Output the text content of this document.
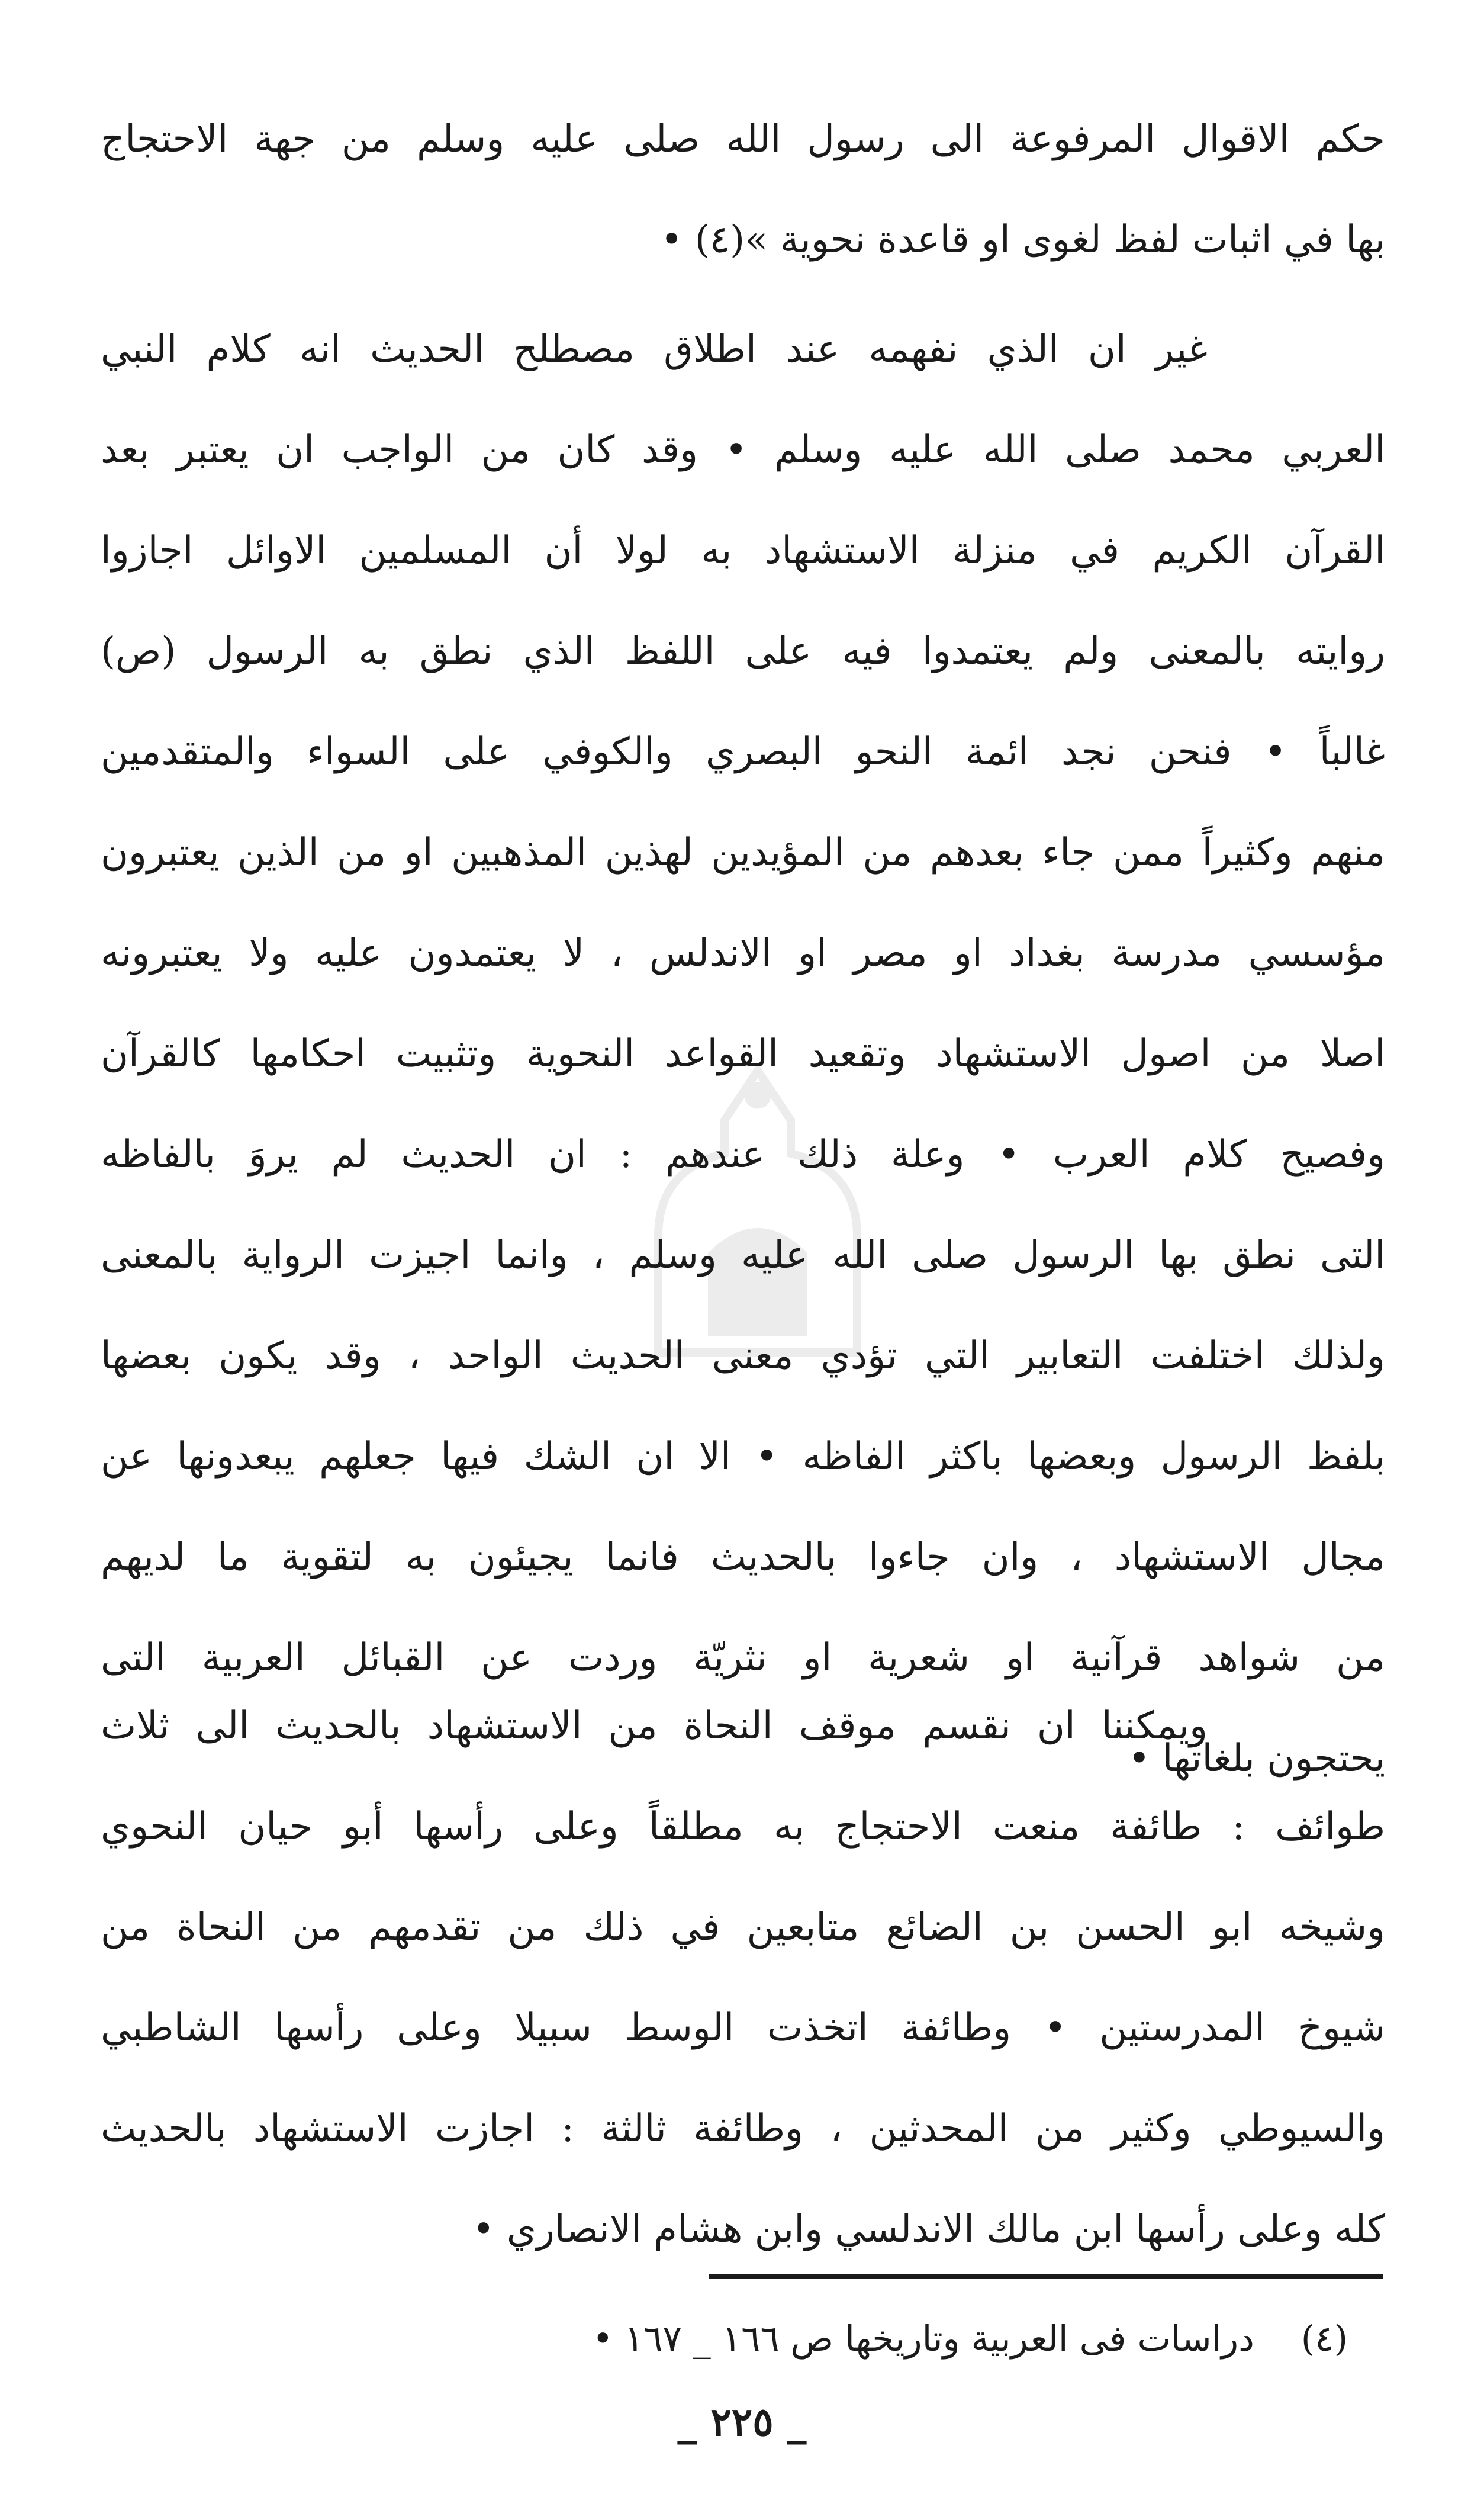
حكم الاقوال المرفوعة الى رسول الله صلى عليه وسلم من جهة الاحتجاج
بها في اثبات لفظ لغوى او قاعدة نحوية »(٤) •
غير ان الذي نفهمه عند اطلاق مصطلح الحديث انه كلام النبي
العربي محمد صلى الله عليه وسلم • وقد كان من الواجب ان يعتبر بعد
القرآن الكريم في منزلة الاستشهاد به لولا أن المسلمين الاوائل اجازوا
روايته بالمعنى ولم يعتمدوا فيه على اللفظ الذي نطق به الرسول (ص)
غالباً • فنحن نجد ائمة النحو البصري والكوفي على السواء والمتقدمين
منهم وكثيراً ممن جاء بعدهم من المؤيدين لهذين المذهبين او من الذين يعتبرون
مؤسسي مدرسة بغداد او مصر او الاندلس ، لا يعتمدون عليه ولا يعتبرونه
اصلا من اصول الاستشهاد وتقعيد القواعد النحوية وتثبيت احكامها كالقرآن
وفصيح كلام العرب • وعلة ذلك عندهم : ان الحديث لم يروَ بالفاظه
التى نطق بها الرسول صلى الله عليه وسلم ، وانما اجيزت الرواية بالمعنى
ولذلك اختلفت التعابير التي تؤدي معنى الحديث الواحد ، وقد يكون بعضها
بلفظ الرسول وبعضها باكثر الفاظه • الا ان الشك فيها جعلهم يبعدونها عن
مجال الاستشهاد ، وان جاءوا بالحديث فانما يجيئون به لتقوية ما لديهم
من شواهد قرآنية او شعرية او نثريّة وردت عن القبائل العربية التى
يحتجون بلغاتها •
ويمكننا ان نقسم موقف النحاة من الاستشهاد بالحديث الى ثلاث
طوائف : طائفة منعت الاحتجاج به مطلقاً وعلى رأسها أبو حيان النحوي
وشيخه ابو الحسن بن الضائع متابعين في ذلك من تقدمهم من النحاة من
شيوخ المدرستين • وطائفة اتخذت الوسط سبيلا وعلى رأسها الشاطبي
والسيوطي وكثير من المحدثين ، وطائفة ثالثة : اجازت الاستشهاد بالحديث
كله وعلى رأسها ابن مالك الاندلسي وابن هشام الانصاري •
(٤) دراسات فى العربية وتاريخها ص ١٦٦ _ ١٦٧ •
_ ٢٢٥ _
